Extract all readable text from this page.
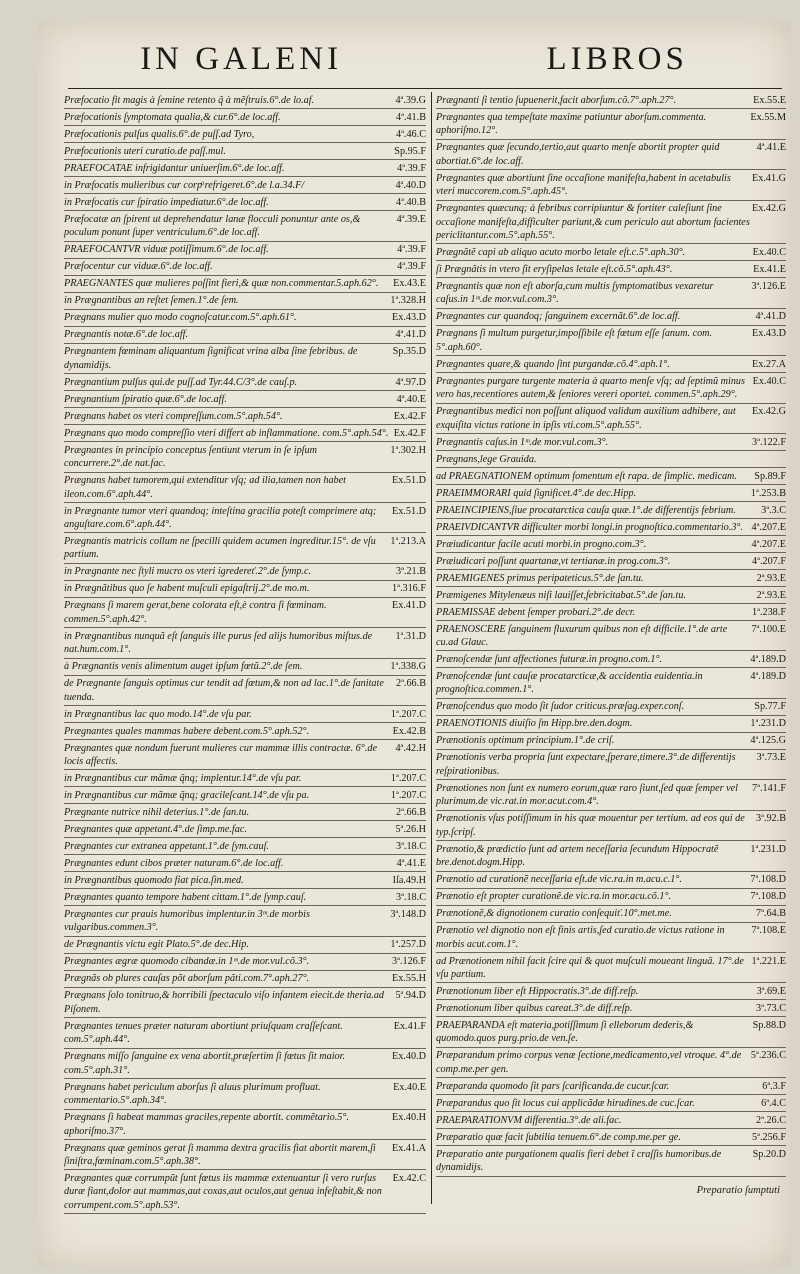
IN GALENI	LIBROS
4ª.39.G
Præfocatio fit magis à ſemine retento q̃ à mẽſtruis.6°.de lo.af.
4ª.41.B
Præfocationis ſymptomata qualia,& cur.6°.de loc.aff.
4ª.46.C
Præfocationis pulſus qualis.6°.de puſſ.ad Tyro,
Sp.95.F
Præfocationis uteri curatio.de paſſ.mul.
4ª.39.F
PRAEFOCATAE infrigidantur uniuerſim.6°.de loc.aff.
4ª.40.D
in Præfocatis mulieribus cur corpͦ refrigeret.6°.de l.a.34.F/
4ª.40.B
in Præfocatis cur ſpiratio impediatur.6°.de loc.aff.
4ª.39.E
Præfocatæ an ſpirent ut deprehendatur lanæ flocculi ponuntur ante os,& poculum ponunt ſuper ventriculum.6°.de loc.aff.
4ª.39.F
PRAEFOCANTVR viduæ potiſſimum.6°.de loc.aff.
4ª.39.F
Præfocentur cur viduæ.6°.de loc.aff.
Ex.43.E
PRAEGNANTES quæ mulieres poſſint fieri,& quæ non.commentar.5.aph.62°.
1ª.328.H
in Prægnantibus an reſtet ſemen.1°.de ſem.
Ex.43.D
Prægnans mulier quo modo cognoſcatur.com.5°.aph.61°.
4ª.41.D
Prægnantis notæ.6°.de loc.aff.
Sp.35.D
Prægnantem fœminam aliquantum ſignificat vrina alba ſine febribus. de dynamidijs.
4ª.97.D
Prægnantium pulſus qui.de puſſ.ad Tyr.44.C/3°.de cauſ.p.
4ª.40.E
Prægnantium ſpiratio quæ.6°.de loc.aff.
Ex.42.F
Prægnans habet os vteri compreſſum.com.5°.aph.54°.
Ex.42.F
Prægnans quo modo compreſſio vteri differt ab inflammatione. com.5°.aph.54°.
1ª.302.H
Prægnantes in principio conceptus ſentiunt vterum in ſe ipſum concurrere.2°.de nat.fac.
Ex.51.D
Prægnans habet tumorem,qui extenditur vſq; ad ilia,tamen non habet ileon.com.6°.aph.44°.
Ex.51.D
in Prægnante tumor vteri quandoq; inteſtina gracilia poteſt comprimere atq; anguſtare.com.6°.aph.44°.
1ª.213.A
Prægnantis matricis collum ne ſpecilli quidem acumen ingreditur.15°. de vſu partium.
3ª.21.B
in Prægnante nec ſtyli mucro os vteri igredereť.2°.de ſymp.c.
1ª.316.F
in Prægnãtibus quo ſe habent muſculi epigaſtrij.2°.de mo.m.
Ex.41.D
Prægnans ſi marem gerat,bene colorata eſt,è contra ſi fœminam. commen.5°.aph.42°.
1ª.31.D
in Prægnantibus nunquã eſt ſanguis ille purus ſed alijs humoribus miſtus.de nat.hum.com.1°.
1ª.338.G
à Prægnantis venis alimentum auget ipſum fœtũ.2°.de ſem.
2ª.66.B
de Prægnante ſanguis optimus cur tendit ad fœtum,& non ad lac.1°.de ſanitate tuenda.
1ª.207.C
in Prægnantibus lac quo modo.14°.de vſu par.
Ex.42.B
Prægnantes quales mammas habere debent.com.5°.aph.52°.
4ª.42.H
Prægnantes quæ nondum fuerunt mulieres cur mammæ illis contractæ. 6°.de locis affectis.
1ª.207.C
in Prægnantibus cur mãmæ q̃nq; implentur.14°.de vſu par.
1ª.207.C
in Prægnantibus cur mãmæ q̃nq; gracileſcant.14°.de vſu pa.
2ª.66.B
Prægnante nutrice nihil deterius.1°.de ſan.tu.
5ª.26.H
Prægnantes quæ appetant.4°.de ſimp.me.fac.
3ª.18.C
Prægnantes cur extranea appetant.1°.de ſym.cauſ.
4ª.41.E
Prægnantes edunt cibos præter naturam.6°.de loc.aff.
Iſa.49.H
in Prægnantibus quomodo fiat pica.ſin.med.
3ª.18.C
Prægnantes quanto tempore habent cittam.1°.de ſymp.cauſ.
3ª.148.D
Prægnantes cur prauis humoribus implentur.in 3ᵐ.de morbis vulgaribus.commen.3°.
1ª.257.D
de Prægnantis victu egit Plato.5°.de dec.Hip.
3ª.126.F
Prægnantes ægræ quomodo cibandæ.in 1ᵐ.de mor.vul.cõ.3°.
Ex.55.H
Prægnãs ob plures cauſas põt aborſum pãti.com.7°.aph.27°.
5ª.94.D
Prægnans ſolo tonitruo,& horribili ſpectaculo viſo infantem eiecit.de theria.ad Piſonem.
Ex.41.F
Prægnantes tenues præter naturam abortiunt priuſquam craſſeſcant. com.5°.aph.44°.
Ex.40.D
Prægnans miſſo ſanguine ex vena abortit,præſertim ſi fœtus ſit maior. com.5°.aph.31°.
Ex.40.E
Prægnans habet periculum aborſus ſi aluus plurimum profluat. commentario.5°.aph.34°.
Ex.40.H
Prægnans ſi habeat mammas graciles,repente abortit. commẽtario.5°. aphoriſmo.37°.
Ex.41.A
Prægnans quæ geminos gerat ſi mamma dextra gracilis fiat abortit marem,ſi ſiniſtra,fœminam.com.5°.aph.38°.
Ex.42.C
Prægnantes quæ corrumpũt ſunt fœtus iis mammæ extenuantur ſi vero rurſus duræ fiant,dolor aut mammas,aut coxas,aut oculos,aut genua infeſtabit,& non corrumpent.com.5°.aph.53°.
Ex.55.E
Prægnanti ſi tentio ſupuenerit,facit aborſum.cõ.7°.aph.27°.
Ex.55.M
Prægnantes qua tempeſtate maxime patiuntur aborſum.commenta. aphoriſmo.12°.
4ª.41.E
Prægnantes quæ ſecundo,tertio,aut quarto menſe abortit propter quid abortiat.6°.de loc.aff.
Ex.41.G
Prægnantes quæ abortiunt ſine occaſione manifeſta,habent in acetabulis vteri muccorem.com.5°.aph.45°.
Ex.42.G
Prægnantes quæcunq; à febribus corripiuntur & fortiter caleſiunt ſine occaſione manifeſta,difficulter pariunt,& cum periculo aut abortum facientes periclitantur.com.5°.aph.55°.
Ex.40.C
Prægnãtẽ capi ab aliquo acuto morbo letale eſt.c.5°.aph.30°.
Ex.41.E
ſi Prægnãtis in vtero ſit eryſipelas letale eſt.cõ.5°.aph.43°.
3ª.126.E
Prægnantis quæ non eſt aborſa,cum multis ſymptomatibus vexaretur caſus.in 1ᵐ.de mor.vul.com.3°.
4ª.41.D
Prægnantes cur quandoq; ſanguinem excernãt.6°.de loc.aff.
Ex.43.D
Prægnans ſi multum purgetur,impoſſibile eſt fœtum eſſe ſanum. com. 5°.aph.60°.
Ex.27.A
Prægnantes quare,& quando ſint purgandæ.cõ.4°.aph.1°.
Ex.40.C
Prægnantes purgare turgente materia à quarto menſe vſq; ad ſeptimũ minus vero has,recentiores autem,& ſeniores vereri oportet. commen.5°.aph.29°.
Ex.42.G
Prægnantibus medici non poſſunt aliquod validum auxilium adhibere, aut exquiſita victus ratione in ipſis vti.com.5°.aph.55°.
3ª.122.F
Prægnantis caſus.in 1ᵐ.de mor.vul.com.3°.
Prægnans,lege Grauida.
Sp.89.F
ad PRAEGNATIONEM optimum fomentum eſt rapa. de ſimplic. medicam.
1ª.253.B
PRAEIMMORARI quid ſignificet.4°.de dec.Hipp.
3ª.3.C
PRAEINCIPIENS,ſiue procatarctica cauſa quæ.1°.de differentijs febrium.
4ª.207.E
PRAEIVDICANTVR difficulter morbi longi.in prognoſtica.commentario.3°.
4ª.207.E
Præiudicantur facile acuti morbi.in progno.com.3°.
4ª.207.F
Præiudicari poſſunt quartanæ,vt tertianæ.in prog.com.3°.
2ª.93.E
PRAEMIGENES primus peripateticus.5°.de ſan.tu.
2ª.93.E
Præmigenes Mitylenæus niſi lauiſſet,febricitabat.5°.de ſan.tu.
1ª.238.F
PRAEMISSAE debent ſemper probari.2°.de decr.
7ª.100.E
PRAENOSCERE ſanguinem fluxurum quibus non eſt difficile.1°.de arte cu.ad Glauc.
4ª.189.D
Prænoſcendæ ſunt affectiones futuræ.in progno.com.1°.
4ª.189.D
Prænoſcendæ ſunt cauſæ procatarcticæ,& accidentia euidentia.in prognoſtica.commen.1°.
Sp.77.F
Prænoſcendus quo modo ſit ſudor criticus.præſag.exper.conſ.
1ª.231.D
PRAENOTIONIS diuiſio ſm Hipp.bre.den.dogm.
4ª.125.G
Prænotionis optimum principium.1°.de criſ.
3ª.73.E
Prænotionis verba propria ſunt expectare,ſperare,timere.3°.de differentijs reſpirationibus.
7ª.141.F
Prænotiones non ſunt ex numero eorum,quæ raro ſiunt,ſed quæ ſemper vel plurimum.de vic.rat.in mor.acut.com.4°.
3ª.92.B
Prænotionis vſus potiſſimum in his quæ mouentur per tertium. ad eos qui de typ.ſcripſ.
1ª.231.D
Prænotio,& prædictio ſunt ad artem neceſſaria ſecundum Hippocratẽ bre.denot.dogm.Hipp.
7ª.108.D
Prænotio ad curationẽ neceſſaria eſt.de vic.ra.in m.acu.c.1°.
7ª.108.D
Prænotio eſt propter curationẽ.de vic.ra.in mor.acu.cõ.1°.
7ª.64.B
Prænotionẽ,& dignotionem curatio conſequiť.10°.met.me.
7ª.108.E
Prænotio vel dignotio non eſt finis artis,ſed curatio.de victus ratione in morbis acut.com.1°.
1ª.221.E
ad Prænotionem nihil facit ſcire qui & quot muſculi moueant linguã. 17°.de vſu partium.
3ª.69.E
Prænotionum liber eſt Hippocratis.3°.de diff.reſp.
3ª.73.C
Prænotionum liber quibus careat.3°.de diff.reſp.
Sp.88.D
PRAEPARANDA eſt materia,potiſſimum ſi elleborum dederis,& quomodo.quos purg.prio.de ven.ſe.
5ª.236.C
Præparandum primo corpus venæ ſectione,medicamento,vel vtroque. 4°.de comp.me.per gen.
6ª.3.F
Præparanda quomodo ſit pars ſcarificanda.de cucur.ſcar.
6ª.4.C
Præparandus quo ſit locus cui applicãdæ hirudines.de cuc.ſcar.
2ª.26.C
PRAEPARATIONVM differentia.3°.de ali.fac.
5ª.256.F
Præparatio quæ facit ſubtilia tenuem.6°.de comp.me.per ge.
Sp.20.D
Præparatio ante purgationem qualis fieri debet ĩ craſſis humoribus.de dynamidijs.
Preparatio ſumptuti
